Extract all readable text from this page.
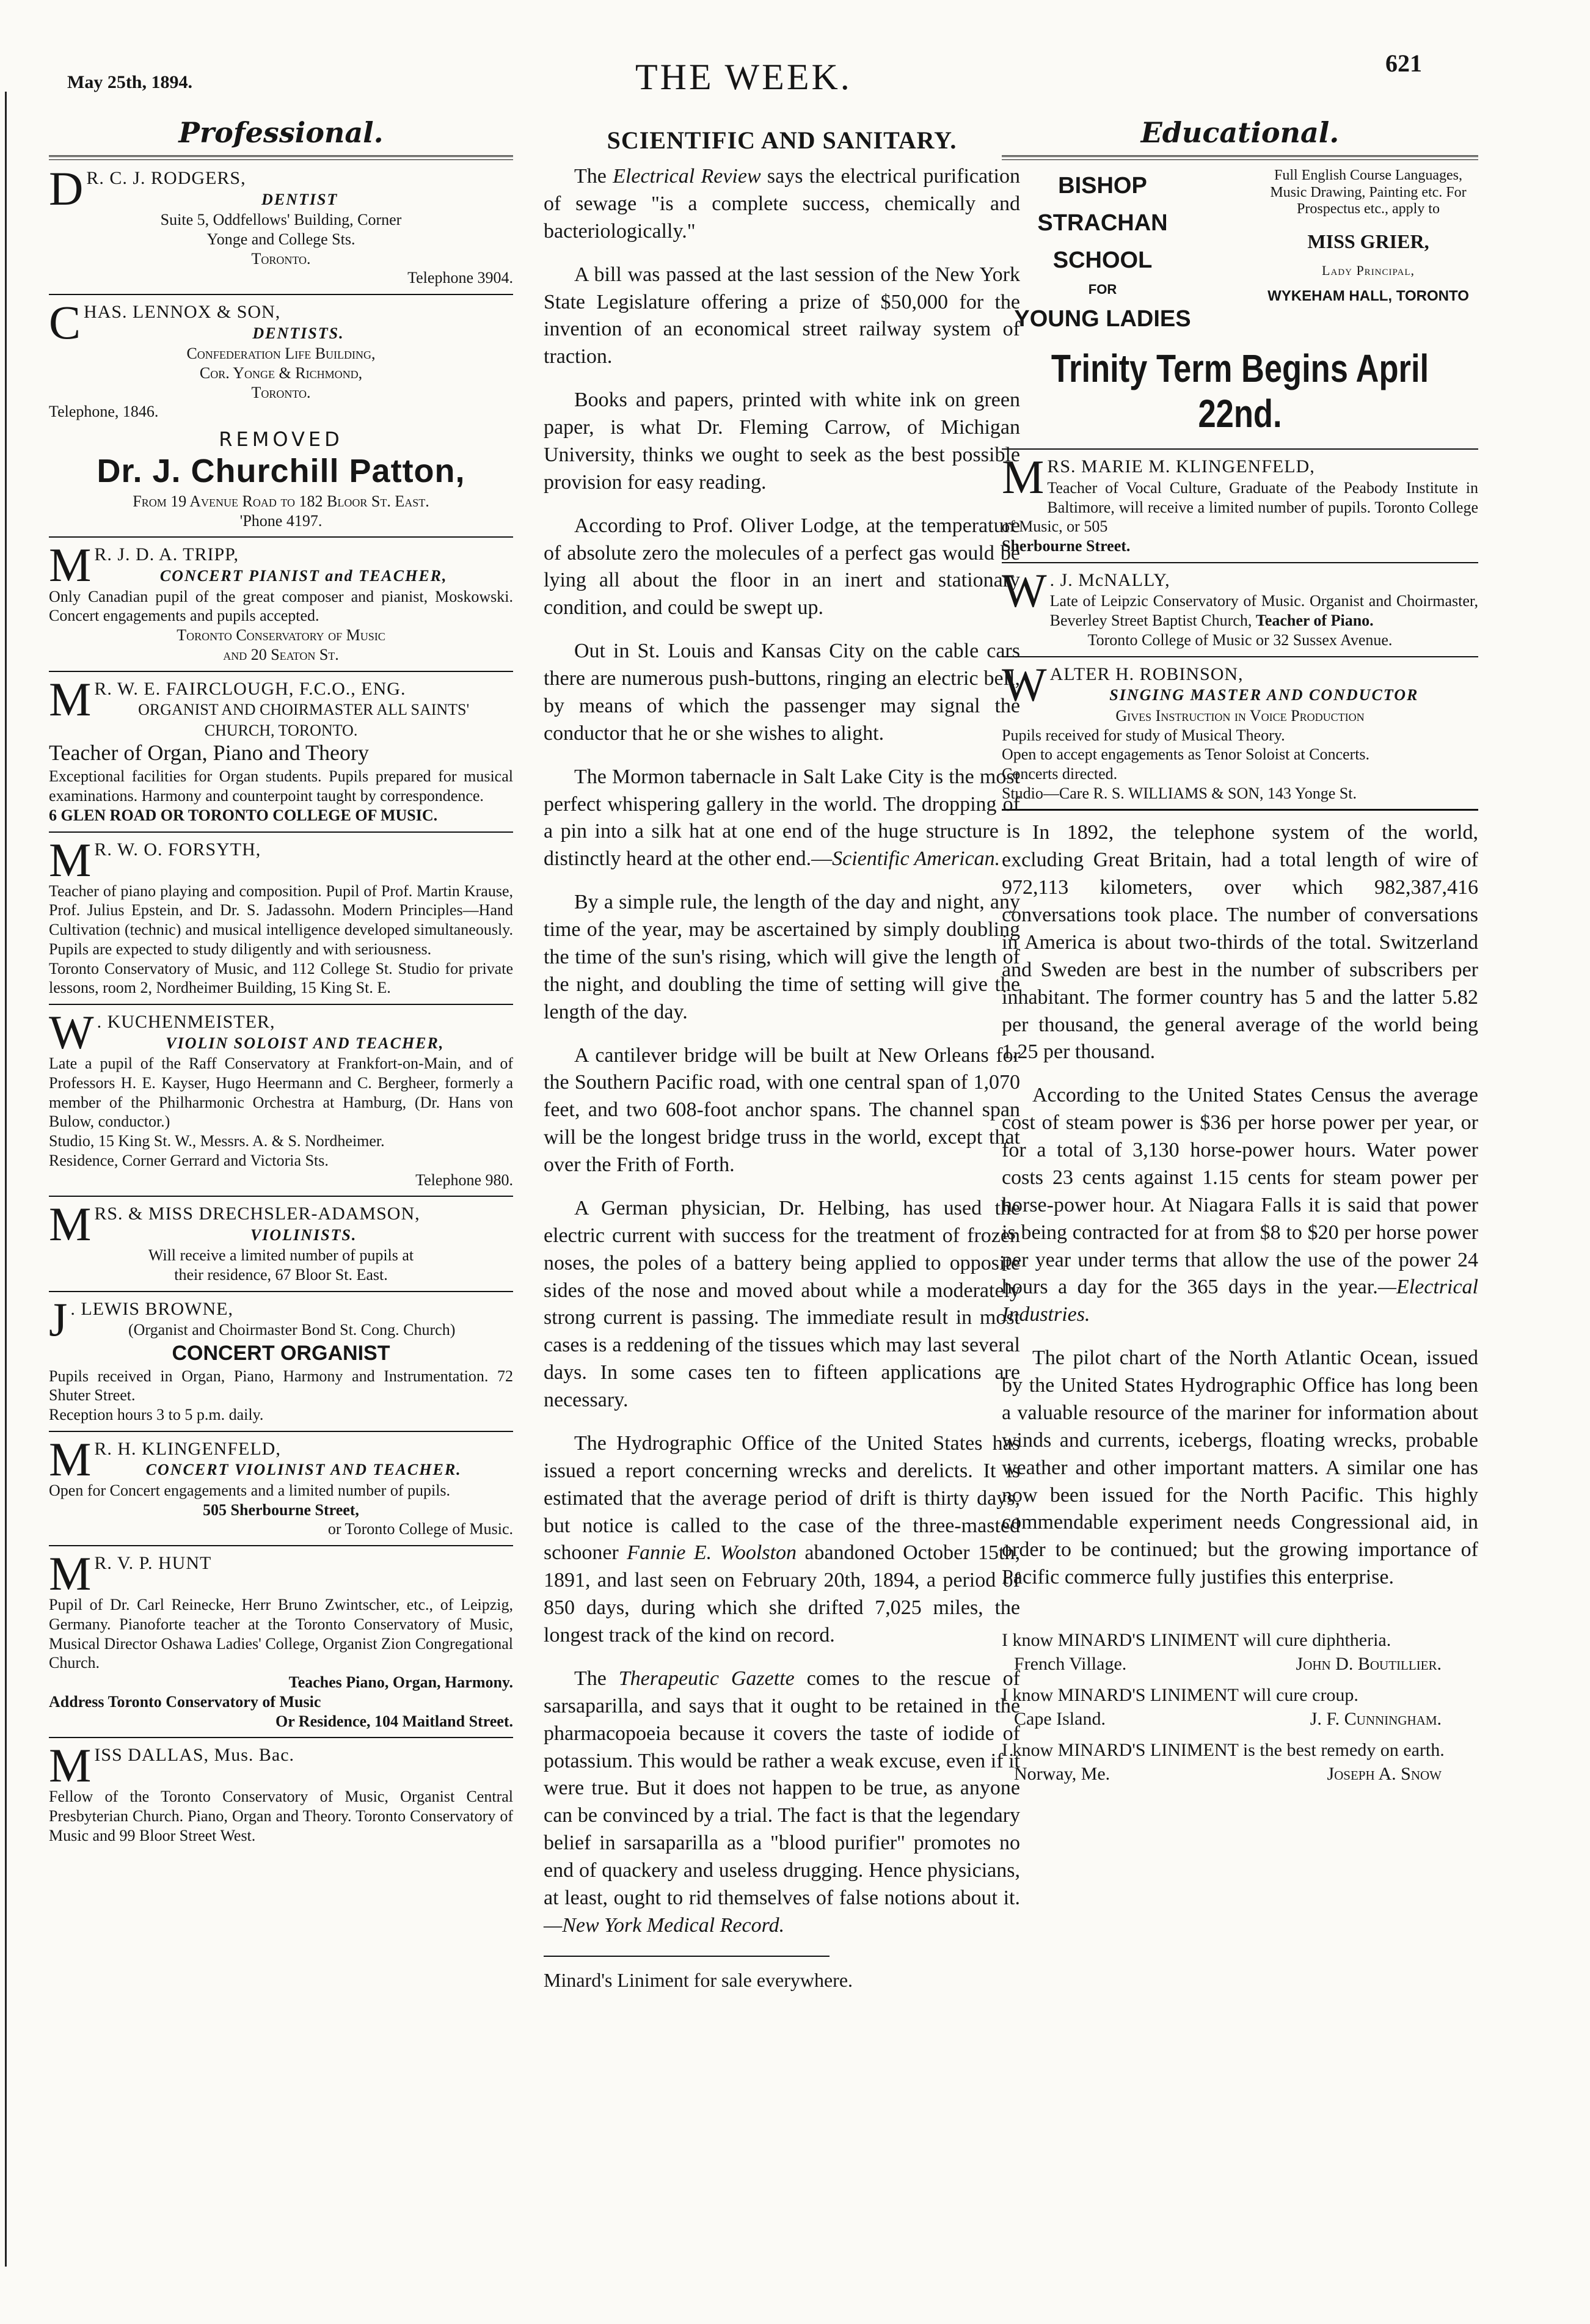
May 25th, 1894.	THE WEEK.	621
Professional.
D R. C. J. RODGERS,
DENTIST
Suite 5, Oddfellows' Building, Corner
Yonge and College Sts.
Toronto.
Telephone 3904.
CHAS. LENNOX & SON,
DENTISTS.
Confederation Life Building,
Cor. Yonge & Richmond,
Toronto.
Telephone, 1846.
REMOVED
Dr. J. Churchill Patton,
From 19 Avenue Road to 182 Bloor St. East.
'Phone 4197.
M R. J. D. A. TRIPP,
CONCERT PIANIST and TEACHER,
Only Canadian pupil of the great composer and pianist, Moskowski. Concert engagements and pupils accepted.
Toronto Conservatory of Music
and 20 Seaton St.
M R. W. E. FAIRCLOUGH, F.C.O., ENG.
ORGANIST AND CHOIRMASTER ALL SAINTS'
CHURCH, TORONTO.
Teacher of Organ, Piano and Theory
Exceptional facilities for Organ students. Pupils prepared for musical examinations. Harmony and counterpoint taught by correspondence.
6 GLEN ROAD OR TORONTO COLLEGE OF MUSIC.
M R. W. O. FORSYTH,
Teacher of piano playing and composition. Pupil of Prof. Martin Krause, Prof. Julius Epstein, and Dr. S. Jadassohn. Modern Principles—Hand Cultivation (technic) and musical intelligence developed simultaneously. Pupils are expected to study diligently and with seriousness.
Toronto Conservatory of Music, and 112 College St. Studio for private lessons, room 2, Nordheimer Building, 15 King St. E.
W . KUCHENMEISTER,
VIOLIN SOLOIST AND TEACHER,
Late a pupil of the Raff Conservatory at Frankfort-on-Main, and of Professors H. E. Kayser, Hugo Heermann and C. Bergheer, formerly a member of the Philharmonic Orchestra at Hamburg, (Dr. Hans von Bulow, conductor.)
Studio, 15 King St. W., Messrs. A. & S. Nordheimer.
Residence, Corner Gerrard and Victoria Sts.
Telephone 980.
MRS. & MISS DRECHSLER-ADAMSON,
VIOLINISTS.
Will receive a limited number of pupils at
their residence, 67 Bloor St. East.
J . LEWIS BROWNE,
(Organist and Choirmaster Bond St. Cong. Church)
CONCERT ORGANIST
Pupils received in Organ, Piano, Harmony and Instrumentation. 72 Shuter Street.
Reception hours 3 to 5 p.m. daily.
M R. H. KLINGENFELD,
CONCERT VIOLINIST AND TEACHER.
Open for Concert engagements and a limited number of pupils.
505 Sherbourne Street,
or Toronto College of Music.
M R. V. P. HUNT
Pupil of Dr. Carl Reinecke, Herr Bruno Zwintscher, etc., of Leipzig, Germany. Pianoforte teacher at the Toronto Conservatory of Music, Musical Director Oshawa Ladies' College, Organist Zion Congregational Church.
Teaches Piano, Organ, Harmony.
Address Toronto Conservatory of Music
Or Residence, 104 Maitland Street.
MISS DALLAS, Mus. Bac.
Fellow of the Toronto Conservatory of Music, Organist Central Presbyterian Church. Piano, Organ and Theory. Toronto Conservatory of Music and 99 Bloor Street West.
SCIENTIFIC AND SANITARY.

The Electrical Review says the electrical purification of sewage "is a complete success, chemically and bacteriologically."

A bill was passed at the last session of the New York State Legislature offering a prize of $50,000 for the invention of an economical street railway system of traction.

Books and papers, printed with white ink on green paper, is what Dr. Fleming Carrow, of Michigan University, thinks we ought to seek as the best possible provision for easy reading.

According to Prof. Oliver Lodge, at the temperature of absolute zero the molecules of a perfect gas would be lying all about the floor in an inert and stationary condition, and could be swept up.

Out in St. Louis and Kansas City on the cable cars there are numerous push-buttons, ringing an electric bell, by means of which the passenger may signal the conductor that he or she wishes to alight.

The Mormon tabernacle in Salt Lake City is the most perfect whispering gallery in the world. The dropping of a pin into a silk hat at one end of the huge structure is distinctly heard at the other end.—Scientific American.

By a simple rule, the length of the day and night, any time of the year, may be ascertained by simply doubling the time of the sun's rising, which will give the length of the night, and doubling the time of setting will give the length of the day.

A cantilever bridge will be built at New Orleans for the Southern Pacific road, with one central span of 1,070 feet, and two 608-foot anchor spans. The channel span will be the longest bridge truss in the world, except that over the Frith of Forth.

A German physician, Dr. Helbing, has used the electric current with success for the treatment of frozen noses, the poles of a battery being applied to opposite sides of the nose and moved about while a moderately strong current is passing. The immediate result in most cases is a reddening of the tissues which may last several days. In some cases ten to fifteen applications are necessary.

The Hydrographic Office of the United States has issued a report concerning wrecks and derelicts. It is estimated that the average period of drift is thirty days, but notice is called to the case of the three-masted schooner Fannie E. Woolston abandoned October 15th, 1891, and last seen on February 20th, 1894, a period of 850 days, during which she drifted 7,025 miles, the longest track of the kind on record.

The Therapeutic Gazette comes to the rescue of sarsaparilla, and says that it ought to be retained in the pharmacopoeia because it covers the taste of iodide of potassium. This would be rather a weak excuse, even if it were true. But it does not happen to be true, as anyone can be convinced by a trial. The fact is that the legendary belief in sarsaparilla as a "blood purifier" promotes no end of quackery and useless drugging. Hence physicians, at least, ought to rid themselves of false notions about it. —New York Medical Record.

Minard's Liniment for sale everywhere.
Educational.
BISHOP
STRACHAN
SCHOOL
FOR
YOUNG LADIES
Full English Course Languages, Music Drawing, Painting etc. For Prospectus etc., apply to
MISS GRIER,
Lady Principal,
WYKEHAM HALL, TORONTO
Trinity Term Begins April 22nd.
MRS. MARIE M. KLINGENFELD,
Teacher of Vocal Culture, Graduate of the Peabody Institute in Baltimore, will receive a limited number of pupils. Toronto College of Music, or 505
Sherbourne Street.
W . J. McNALLY,
Late of Leipzic Conservatory of Music. Organist and Choirmaster, Beverley Street Baptist Church, Teacher of Piano.
Toronto College of Music or 32 Sussex Avenue.
WALTER H. ROBINSON,
SINGING MASTER AND CONDUCTOR
Gives Instruction in Voice Production
Pupils received for study of Musical Theory.
Open to accept engagements as Tenor Soloist at Concerts.
Concerts directed.
Studio—Care R. S. WILLIAMS & SON, 143 Yonge St.

In 1892, the telephone system of the world, excluding Great Britain, had a total length of wire of 972,113 kilometers, over which 982,387,416 conversations took place. The number of conversations in America is about two-thirds of the total. Switzerland and Sweden are best in the number of subscribers per inhabitant. The former country has 5 and the latter 5.82 per thousand, the general average of the world being 1.25 per thousand.

According to the United States Census the average cost of steam power is $36 per horse power per year, or for a total of 3,130 horse-power hours. Water power costs 23 cents against 1.15 cents for steam power per horse-power hour. At Niagara Falls it is said that power is being contracted for at from $8 to $20 per horse power per year under terms that allow the use of the power 24 hours a day for the 365 days in the year.—Electrical Industries.

The pilot chart of the North Atlantic Ocean, issued by the United States Hydrographic Office has long been a valuable resource of the mariner for information about winds and currents, icebergs, floating wrecks, probable weather and other important matters. A similar one has now been issued for the North Pacific. This highly commendable experiment needs Congressional aid, in order to be continued; but the growing importance of Pacific commerce fully justifies this enterprise.

I know MINARD'S LINIMENT will cure diphtheria.
French Village.	John D. Boutillier.
I know MINARD'S LINIMENT will cure croup.
Cape Island.	J. F. Cunningham.
I know MINARD'S LINIMENT is the best remedy on earth.
Norway, Me.	Joseph A. Snow
